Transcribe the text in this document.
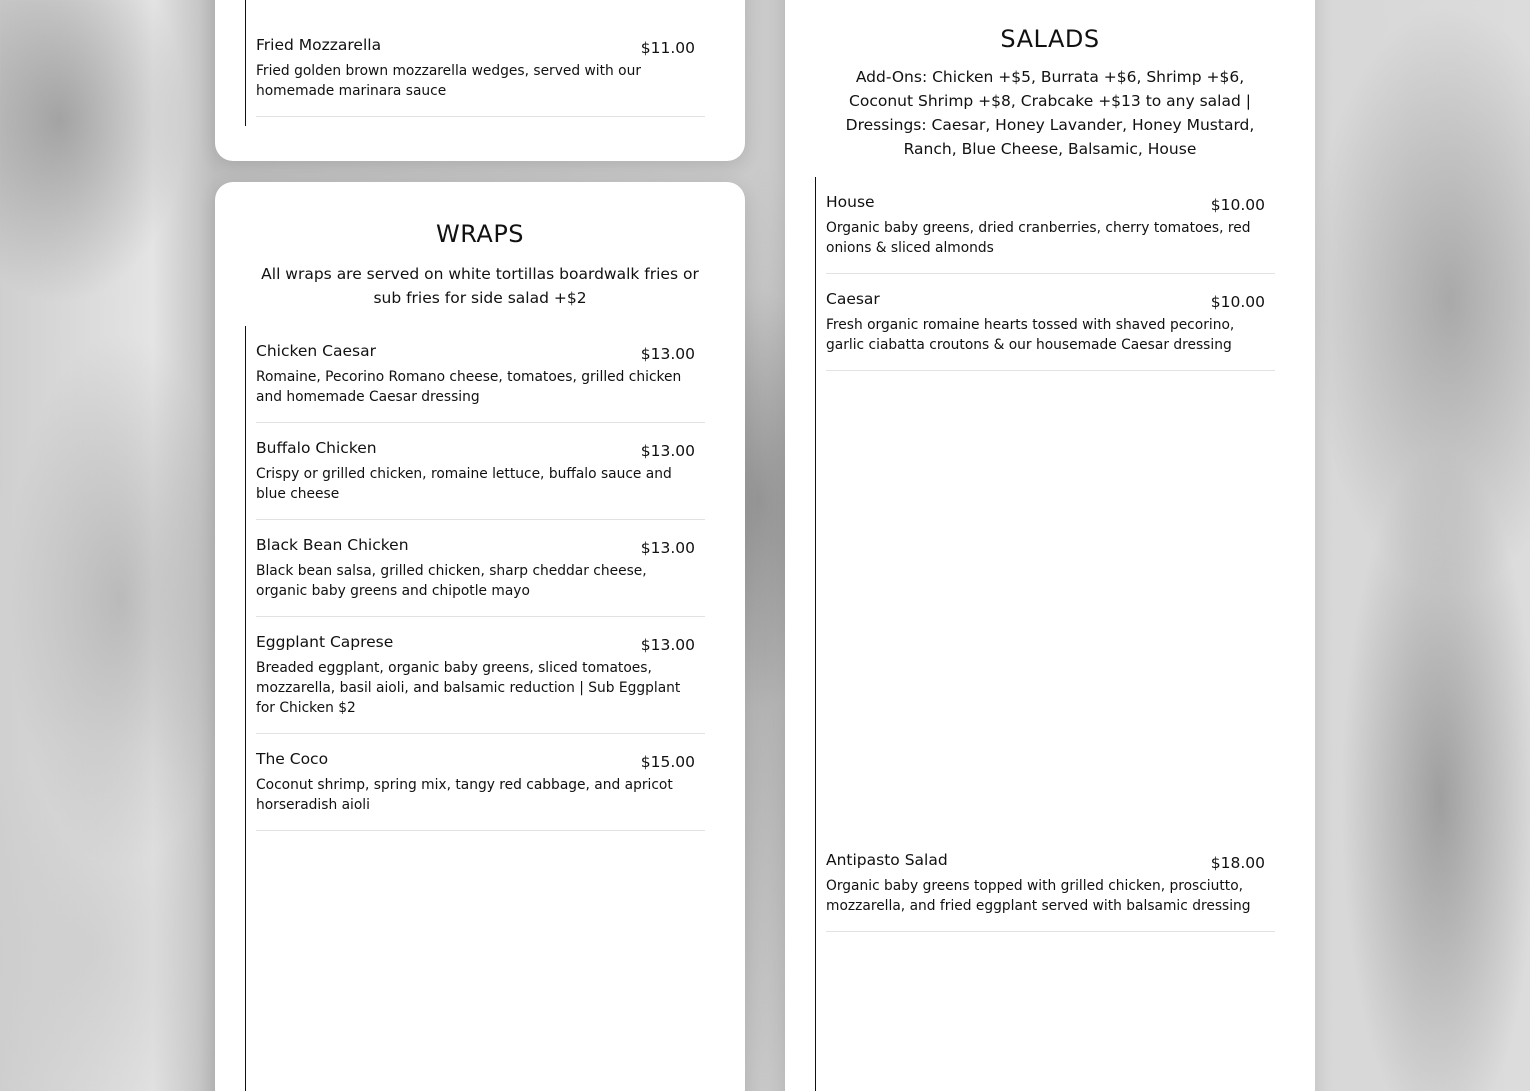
Fried Mozzarella	$11.00
Fried golden brown mozzarella wedges, served with our homemade marinara sauce
WRAPS

All wraps are served on white tortillas boardwalk fries or sub fries for side salad +$2

Chicken Caesar	$13.00
Romaine, Pecorino Romano cheese, tomatoes, grilled chicken and homemade Caesar dressing
Buffalo Chicken	$13.00
Crispy or grilled chicken, romaine lettuce, buffalo sauce and blue cheese
Black Bean Chicken	$13.00
Black bean salsa, grilled chicken, sharp cheddar cheese, organic baby greens and chipotle mayo
Eggplant Caprese	$13.00
Breaded eggplant, organic baby greens, sliced tomatoes, mozzarella, basil aioli, and balsamic reduction | Sub Eggplant for Chicken $2
The Coco	$15.00
Coconut shrimp, spring mix, tangy red cabbage, and apricot horseradish aioli
SALADS

Add-Ons: Chicken +$5, Burrata +$6, Shrimp +$6, Coconut Shrimp +$8, Crabcake +$13 to any salad | Dressings: Caesar, Honey Lavander, Honey Mustard, Ranch, Blue Cheese, Balsamic, House

House	$10.00
Organic baby greens, dried cranberries, cherry tomatoes, red onions & sliced almonds
Caesar	$10.00
Fresh organic romaine hearts tossed with shaved pecorino, garlic ciabatta croutons & our housemade Caesar dressing
Antipasto Salad	$18.00
Organic baby greens topped with grilled chicken, prosciutto, mozzarella, and fried eggplant served with balsamic dressing
